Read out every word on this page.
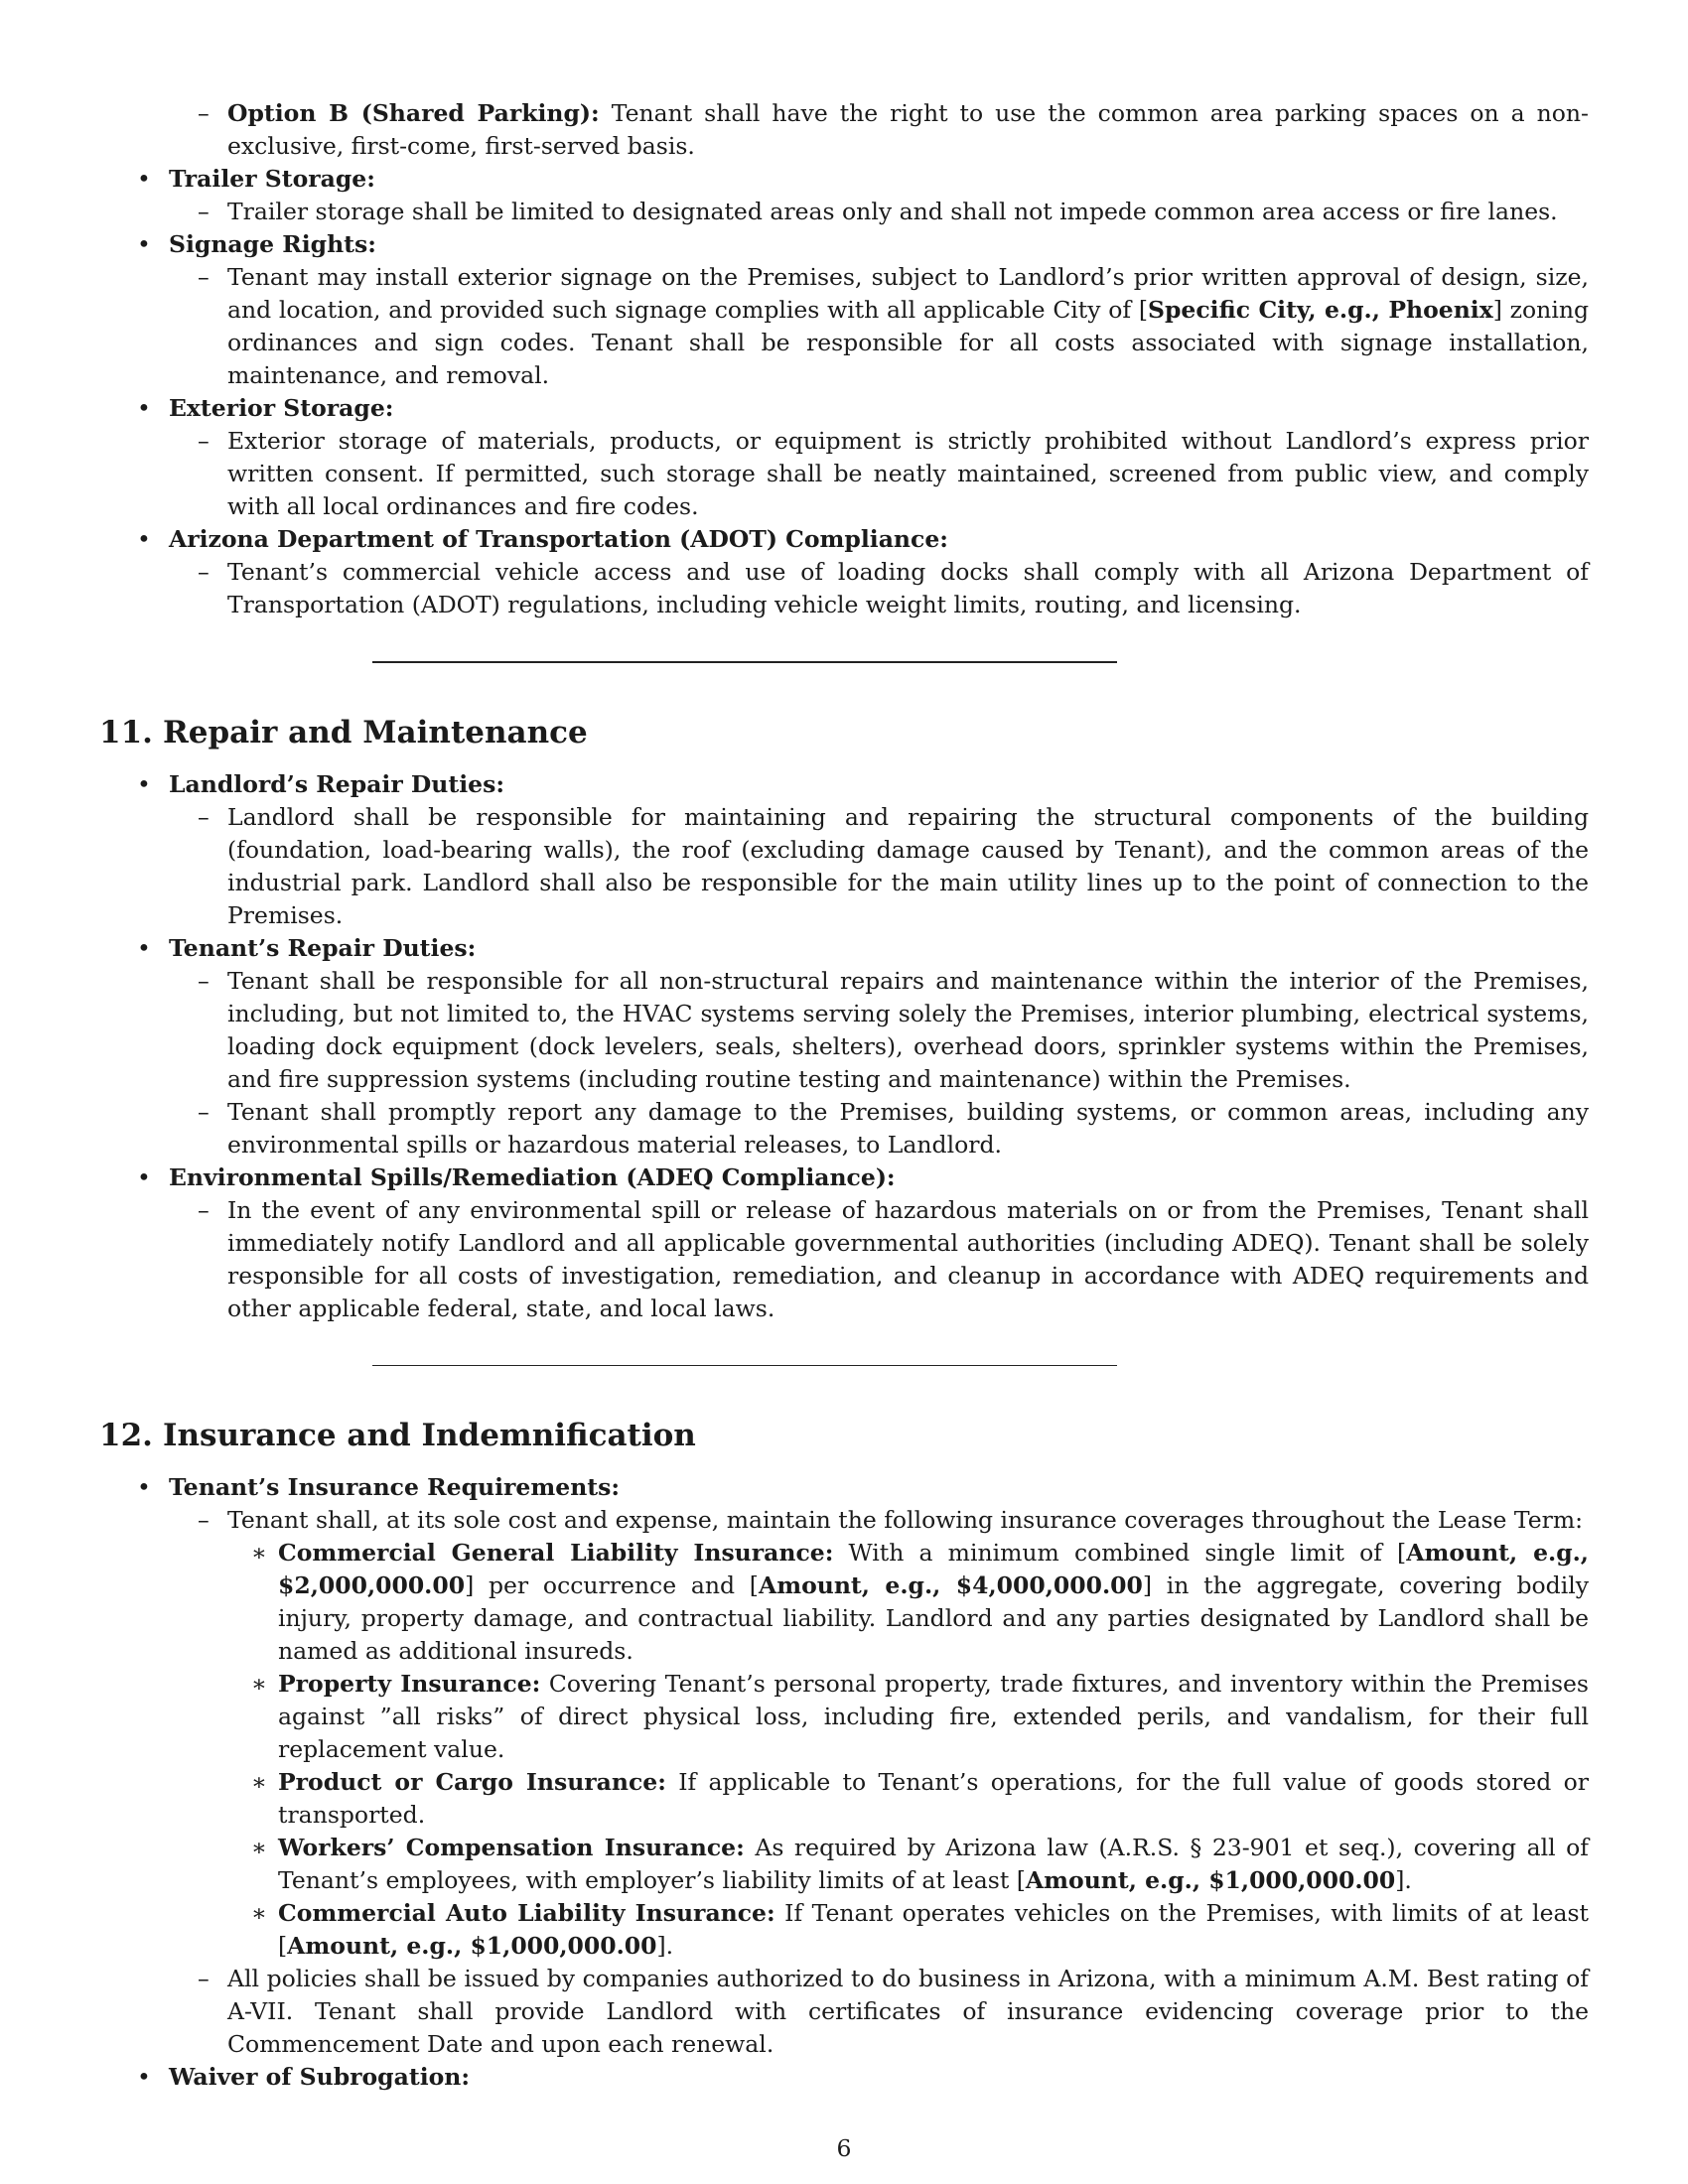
– Option B (Shared Parking): Tenant shall have the right to use the common area parking spaces on a non-exclusive, first-come, first-served basis.
• Trailer Storage:
– Trailer storage shall be limited to designated areas only and shall not impede common area access or fire lanes.
• Signage Rights:
– Tenant may install exterior signage on the Premises, subject to Landlord’s prior written approval of design, size, and location, and provided such signage complies with all applicable City of [Specific City, e.g., Phoenix] zoning ordinances and sign codes. Tenant shall be responsible for all costs associated with signage installation, maintenance, and removal.
• Exterior Storage:
– Exterior storage of materials, products, or equipment is strictly prohibited without Landlord’s express prior written consent. If permitted, such storage shall be neatly maintained, screened from public view, and comply with all local ordinances and fire codes.
• Arizona Department of Transportation (ADOT) Compliance:
– Tenant’s commercial vehicle access and use of loading docks shall comply with all Arizona Department of Transportation (ADOT) regulations, including vehicle weight limits, routing, and licensing.
11. Repair and Maintenance
• Landlord’s Repair Duties:
– Landlord shall be responsible for maintaining and repairing the structural components of the building (foundation, load-bearing walls), the roof (excluding damage caused by Tenant), and the common areas of the industrial park. Landlord shall also be responsible for the main utility lines up to the point of connection to the Premises.
• Tenant’s Repair Duties:
– Tenant shall be responsible for all non-structural repairs and maintenance within the interior of the Premises, including, but not limited to, the HVAC systems serving solely the Premises, interior plumbing, electrical systems, loading dock equipment (dock levelers, seals, shelters), overhead doors, sprinkler systems within the Premises, and fire suppression systems (including routine testing and maintenance) within the Premises.
– Tenant shall promptly report any damage to the Premises, building systems, or common areas, including any environmental spills or hazardous material releases, to Landlord.
• Environmental Spills/Remediation (ADEQ Compliance):
– In the event of any environmental spill or release of hazardous materials on or from the Premises, Tenant shall immediately notify Landlord and all applicable governmental authorities (including ADEQ). Tenant shall be solely responsible for all costs of investigation, remediation, and cleanup in accordance with ADEQ requirements and other applicable federal, state, and local laws.
12. Insurance and Indemnification
• Tenant’s Insurance Requirements:
– Tenant shall, at its sole cost and expense, maintain the following insurance coverages throughout the Lease Term:
∗ Commercial General Liability Insurance: With a minimum combined single limit of [Amount, e.g., $2,000,000.00] per occurrence and [Amount, e.g., $4,000,000.00] in the aggregate, covering bodily injury, property damage, and contractual liability. Landlord and any parties designated by Landlord shall be named as additional insureds.
∗ Property Insurance: Covering Tenant’s personal property, trade fixtures, and inventory within the Premises against ”all risks” of direct physical loss, including fire, extended perils, and vandalism, for their full replacement value.
∗ Product or Cargo Insurance: If applicable to Tenant’s operations, for the full value of goods stored or transported.
∗ Workers’ Compensation Insurance: As required by Arizona law (A.R.S. § 23-901 et seq.), covering all of Tenant’s employees, with employer’s liability limits of at least [Amount, e.g., $1,000,000.00].
∗ Commercial Auto Liability Insurance: If Tenant operates vehicles on the Premises, with limits of at least [Amount, e.g., $1,000,000.00].
– All policies shall be issued by companies authorized to do business in Arizona, with a minimum A.M. Best rating of A-VII. Tenant shall provide Landlord with certificates of insurance evidencing coverage prior to the Commencement Date and upon each renewal.
• Waiver of Subrogation:
6
